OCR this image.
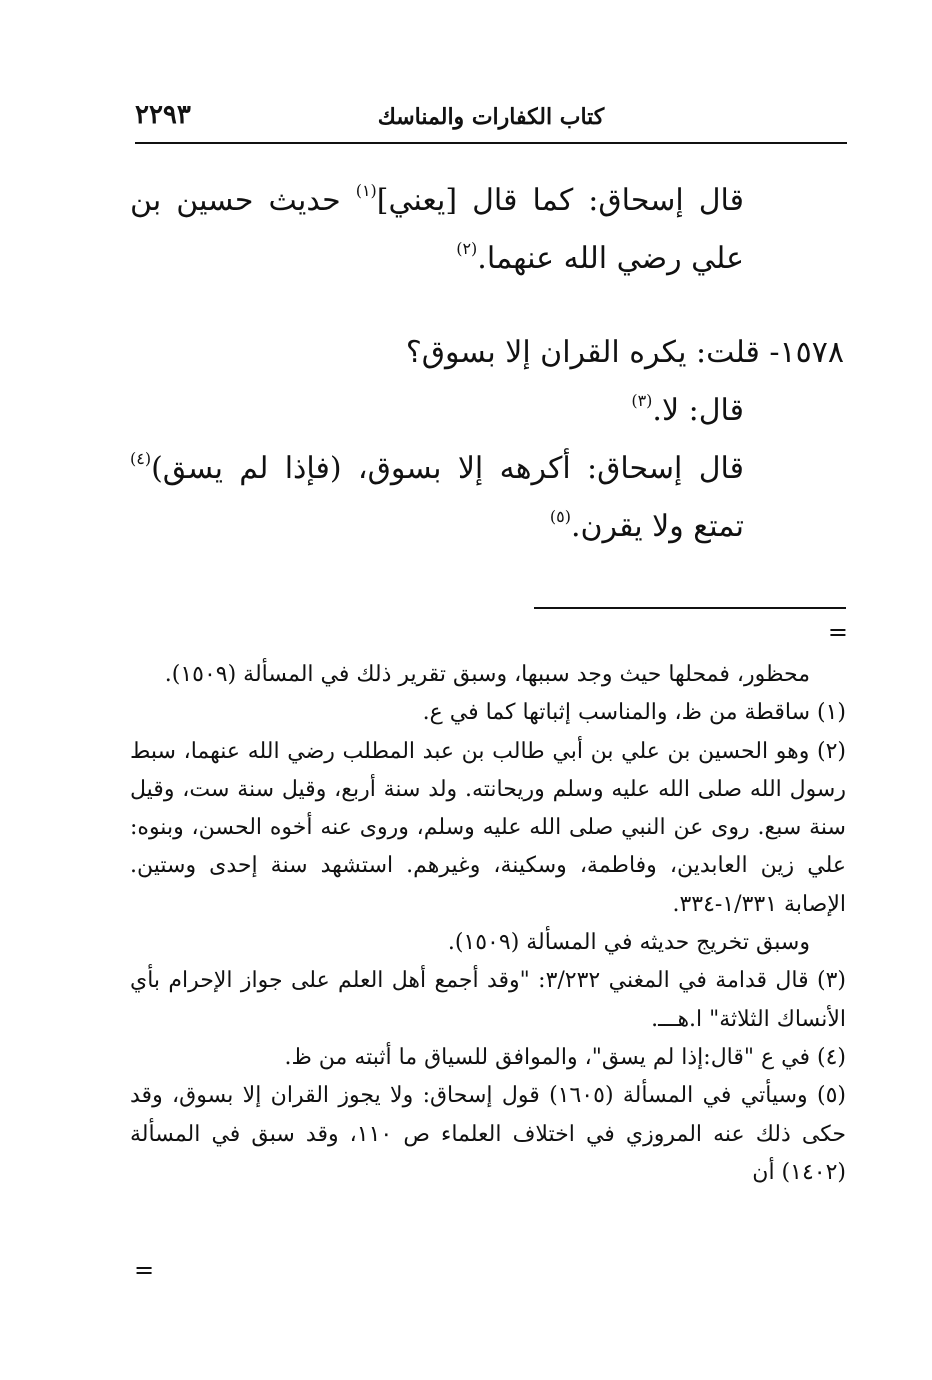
كتاب الكفارات والمناسك
٢٢٩٣

قال إسحاق: كما قال [يعني]$^{(١)}$ حديث حسين بن علي رضي الله عنهما.$^{(٢)}$

١٥٧٨- قلت: يكره القران إلا بسوق؟

قال: لا.$^{(٣)}$

قال إسحاق: أكرهه إلا بسوق، (فإذا لم يسق)$^{(٤)}$ تمتع ولا يقرن.$^{(٥)}$

=

محظور، فمحلها حيث وجد سببها، وسبق تقرير ذلك في المسألة (١٥٠٩).

(١) ساقطة من ظ، والمناسب إثباتها كما في ع.

(٢) وهو الحسين بن علي بن أبي طالب بن عبد المطلب رضي الله عنهما، سبط رسول الله صلى الله عليه وسلم وريحانته. ولد سنة أربع، وقيل سنة ست، وقيل سنة سبع. روى عن النبي صلى الله عليه وسلم، وروى عنه أخوه الحسن، وبنوه: علي زين العابدين، وفاطمة، وسكينة، وغيرهم. استشهد سنة إحدى وستين. الإصابة ١/٣٣١-٣٣٤.

وسبق تخريج حديثه في المسألة (١٥٠٩).

(٣) قال قدامة في المغني ٣/٢٣٢: "وقد أجمع أهل العلم على جواز الإحرام بأي الأنساك الثلاثة" ا.هـــ.

(٤) في ع "قال:إذا لم يسق"، والموافق للسياق ما أثبته من ظ.

(٥) وسيأتي في المسألة (١٦٠٥) قول إسحاق: ولا يجوز القران إلا بسوق، وقد حكى ذلك عنه المروزي في اختلاف العلماء ص ١١٠، وقد سبق في المسألة (١٤٠٢) أن

=
